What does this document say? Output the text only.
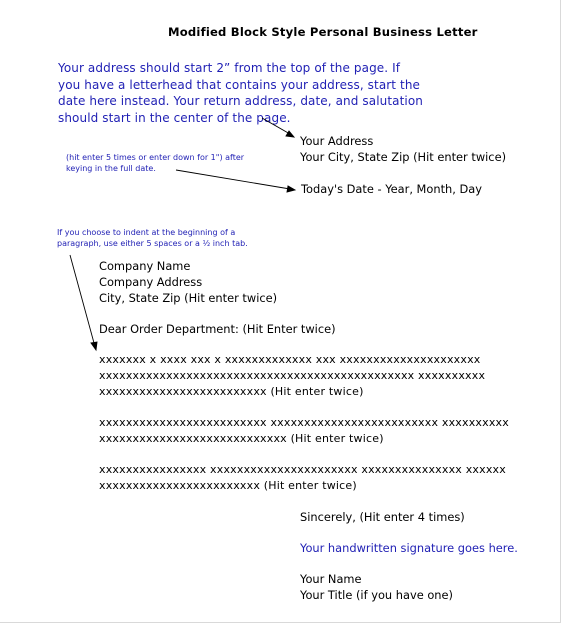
Modified Block Style Personal Business Letter
Your address should start 2” from the top of the page. If
you have a letterhead that contains your address, start the
date here instead. Your return address, date, and salutation
should start in the center of the page.
(hit enter 5 times or enter down for 1") after
keying in the full date.
If you choose to indent at the beginning of a
paragraph, use either 5 spaces or a ½ inch tab.
Your Address
Your City, State Zip (Hit enter twice)
Today's Date - Year, Month, Day
Company Name
Company Address
City, State Zip (Hit enter twice)
Dear Order Department: (Hit Enter twice)
xxxxxxx x xxxx xxx x xxxxxxxxxxxxx xxx xxxxxxxxxxxxxxxxxxxxx
xxxxxxxxxxxxxxxxxxxxxxxxxxxxxxxxxxxxxxxxxxxxxxx xxxxxxxxxx
xxxxxxxxxxxxxxxxxxxxxxxxx (Hit enter twice)
xxxxxxxxxxxxxxxxxxxxxxxxx xxxxxxxxxxxxxxxxxxxxxxxxx xxxxxxxxxx
xxxxxxxxxxxxxxxxxxxxxxxxxxxx (Hit enter twice)
xxxxxxxxxxxxxxxx xxxxxxxxxxxxxxxxxxxxxx xxxxxxxxxxxxxxx xxxxxx
xxxxxxxxxxxxxxxxxxxxxxxx (Hit enter twice)
Sincerely, (Hit enter 4 times)
Your handwritten signature goes here.
Your Name
Your Title (if you have one)
